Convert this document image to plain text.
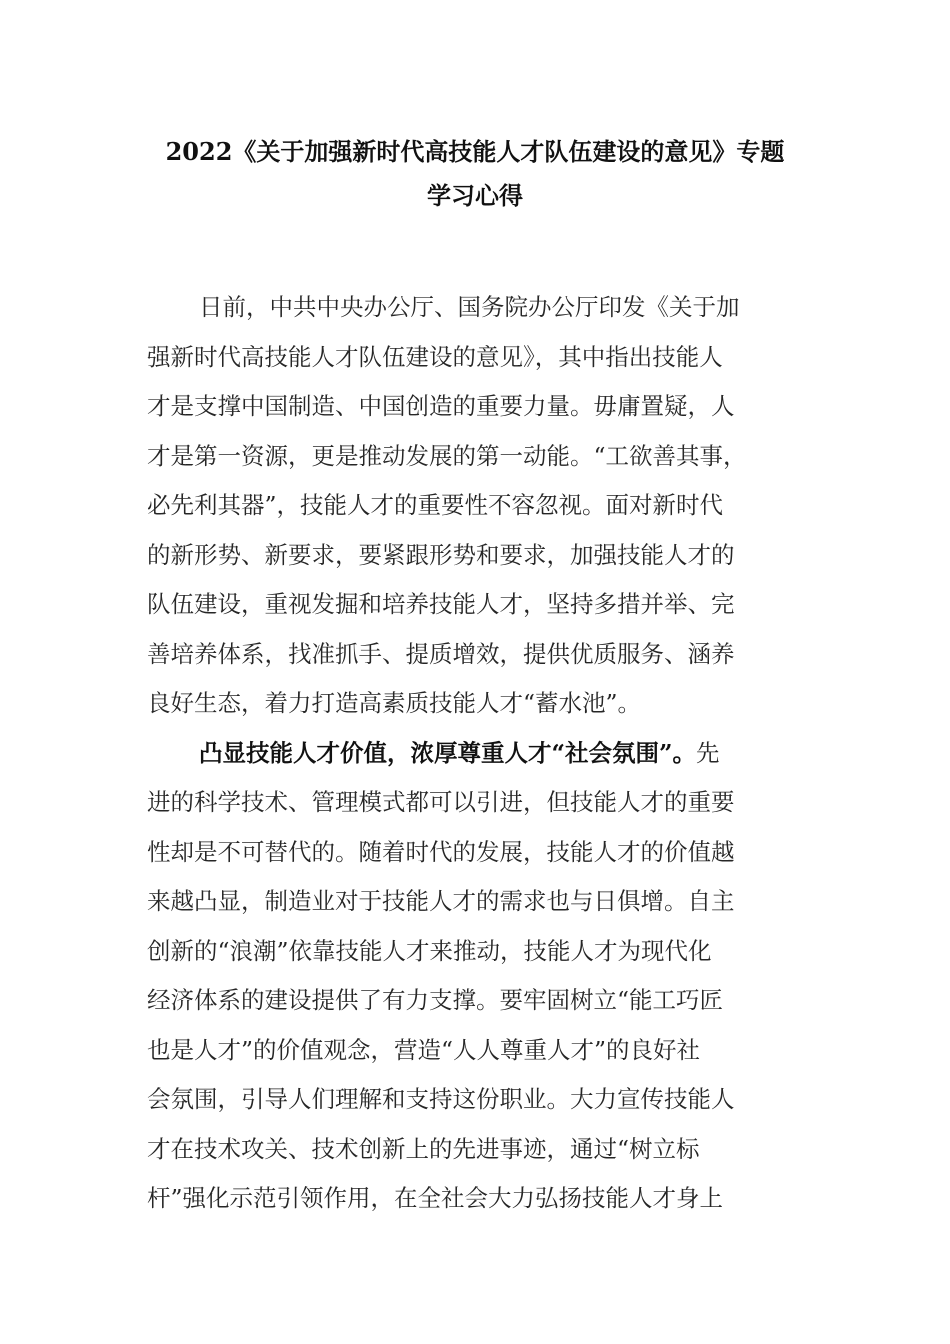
2022《关于加强新时代高技能人才队伍建设的意见》专题
学习心得
日前，中共中央办公厅、国务院办公厅印发《关于加
强新时代高技能人才队伍建设的意见》，其中指出技能人
才是支撑中国制造、中国创造的重要力量。毋庸置疑，人
才是第一资源，更是推动发展的第一动能。“工欲善其事，
必先利其器”，技能人才的重要性不容忽视。面对新时代
的新形势、新要求，要紧跟形势和要求，加强技能人才的
队伍建设，重视发掘和培养技能人才，坚持多措并举、完
善培养体系，找准抓手、提质增效，提供优质服务、涵养
良好生态，着力打造高素质技能人才“蓄水池”。
凸显技能人才价值，浓厚尊重人才“社会氛围”。先
进的科学技术、管理模式都可以引进，但技能人才的重要
性却是不可替代的。随着时代的发展，技能人才的价值越
来越凸显，制造业对于技能人才的需求也与日俱增。自主
创新的“浪潮”依靠技能人才来推动，技能人才为现代化
经济体系的建设提供了有力支撑。要牢固树立“能工巧匠
也是人才”的价值观念，营造“人人尊重人才”的良好社
会氛围，引导人们理解和支持这份职业。大力宣传技能人
才在技术攻关、技术创新上的先进事迹，通过“树立标
杆”强化示范引领作用，在全社会大力弘扬技能人才身上
